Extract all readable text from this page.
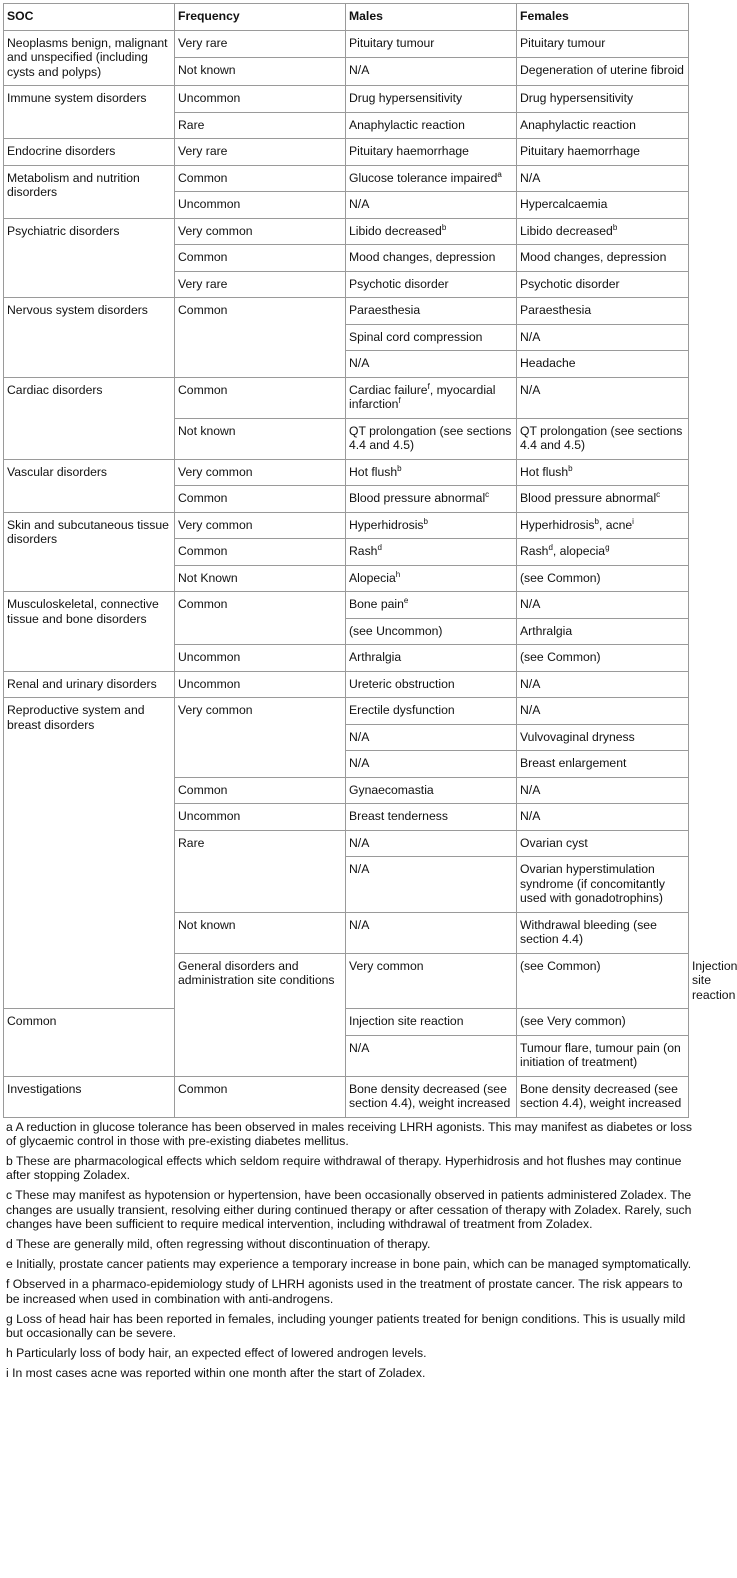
SOC	Frequency	Males	Females	
Neoplasms benign, malignant and unspecified (including cysts and polyps)	Very rare	Pituitary tumour	Pituitary tumour	
	Not known	N/A	Degeneration of uterine fibroid	
Immune system disorders	Uncommon	Drug hypersensitivity	Drug hypersensitivity	
	Rare	Anaphylactic reaction	Anaphylactic reaction	
Endocrine disorders	Very rare	Pituitary haemorrhage	Pituitary haemorrhage	
Metabolism and nutrition disorders	Common	Glucose tolerance impaired$^a$	N/A	
	Uncommon	N/A	Hypercalcaemia	
Psychiatric disorders	Very common	Libido decreased$^b$	Libido decreased$^b$
	Common	Mood changes, depression	Mood changes, depression	
	Very rare	Psychotic disorder	Psychotic disorder	
Nervous system disorders	Common	Paraesthesia	Paraesthesia	
		Spinal cord compression	N/A	
		N/A	Headache	
Cardiac disorders	Common	Cardiac failure$^f$, myocardial infarction$^f$	N/A	
	Not known	QT prolongation (see sections 4.4 and 4.5)	QT prolongation (see sections 4.4 and 4.5)	
Vascular disorders	Very common	Hot flush$^b$	Hot flush$^b$
	Common	Blood pressure abnormal$^c$	Blood pressure abnormal$^c$
Skin and subcutaneous tissue disorders	Very common	Hyperhidrosis$^b$	Hyperhidrosis$^b$, acne$^i$
	Common	Rash$^d$	Rash$^d$, alopecia$^g$
	Not Known	Alopecia$^h$	(see Common)	
Musculoskeletal, connective tissue and bone disorders	Common	Bone pain$^e$	N/A	
		(see Uncommon)	Arthralgia	
	Uncommon	Arthralgia	(see Common)	
Renal and urinary disorders	Uncommon	Ureteric obstruction	N/A	
Reproductive system and breast disorders	Very common	Erectile dysfunction	N/A	
		N/A	Vulvovaginal dryness	
		N/A	Breast enlargement	
	Common	Gynaecomastia	N/A	
	Uncommon	Breast tenderness	N/A	
	Rare	N/A	Ovarian cyst	
		N/A	Ovarian hyperstimulation syndrome (if concomitantly used with gonadotrophins)	
	Not known	N/A	Withdrawal bleeding (see section 4.4)	
	General disorders and administration site conditions	Very common	(see Common)	Injection site reaction
Common		Injection site reaction	(see Very common)	
		N/A	Tumour flare, tumour pain (on initiation of treatment)	
Investigations	Common	Bone density decreased (see section 4.4), weight increased	Bone density decreased (see section 4.4), weight increased	

a A reduction in glucose tolerance has been observed in males receiving LHRH agonists. This may manifest as diabetes or loss of glycaemic control in those with pre-existing diabetes mellitus.

b These are pharmacological effects which seldom require withdrawal of therapy. Hyperhidrosis and hot flushes may continue after stopping Zoladex.

c These may manifest as hypotension or hypertension, have been occasionally observed in patients administered Zoladex. The changes are usually transient, resolving either during continued therapy or after cessation of therapy with Zoladex. Rarely, such changes have been sufficient to require medical intervention, including withdrawal of treatment from Zoladex.

d These are generally mild, often regressing without discontinuation of therapy.

e Initially, prostate cancer patients may experience a temporary increase in bone pain, which can be managed symptomatically.

f Observed in a pharmaco-epidemiology study of LHRH agonists used in the treatment of prostate cancer. The risk appears to be increased when used in combination with anti-androgens.

g Loss of head hair has been reported in females, including younger patients treated for benign conditions. This is usually mild but occasionally can be severe.

h Particularly loss of body hair, an expected effect of lowered androgen levels.

i In most cases acne was reported within one month after the start of Zoladex.
